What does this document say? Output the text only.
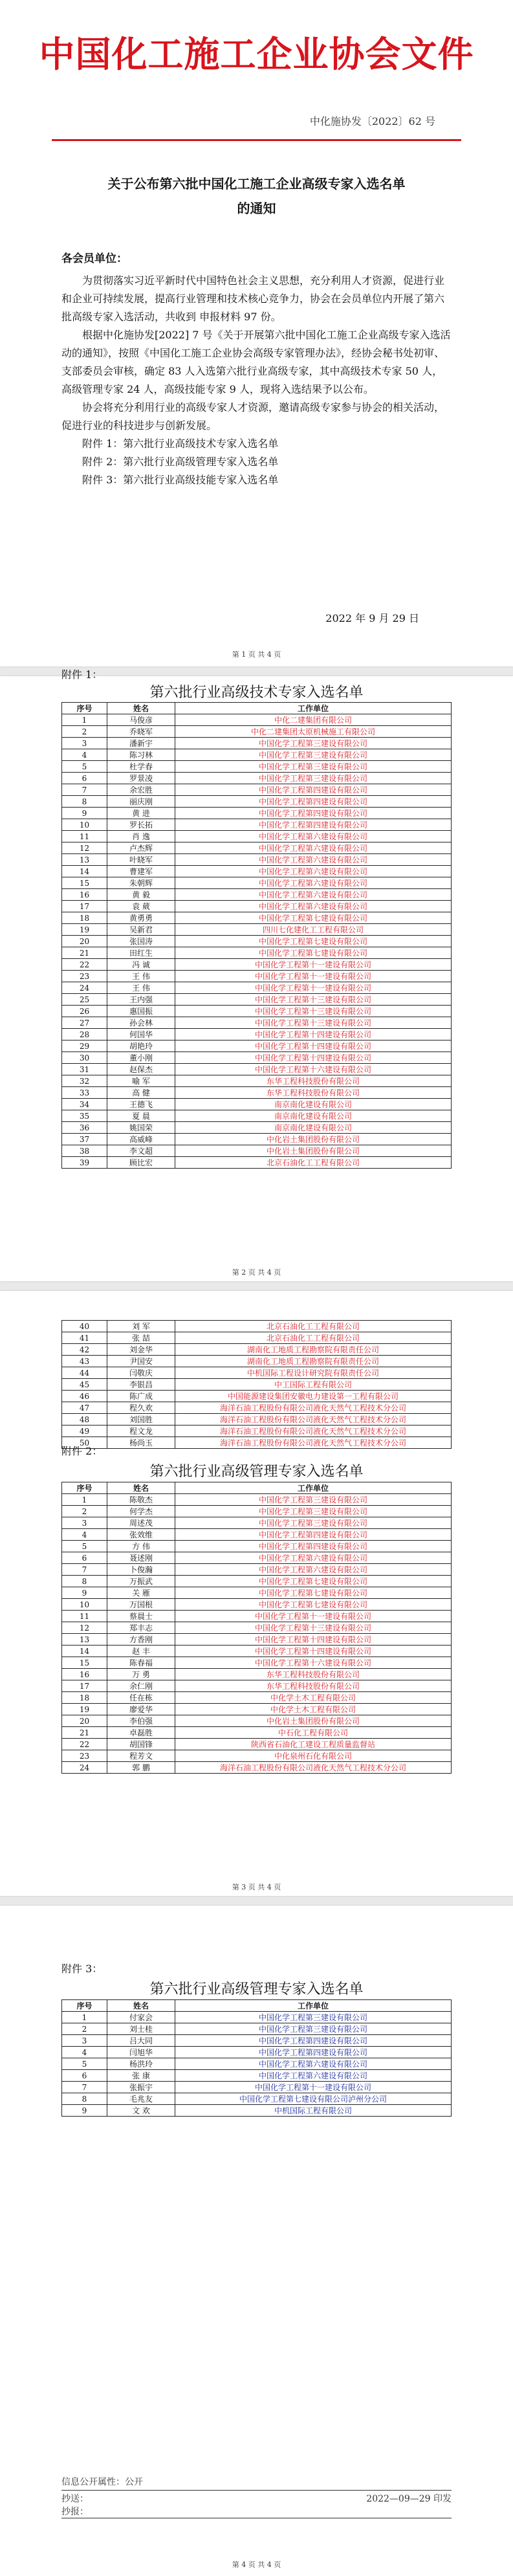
中国化工施工企业协会文件
中化施协发〔2022〕62 号
关于公布第六批中国化工施工企业高级专家入选名单
的通知
各会员单位：

为贯彻落实习近平新时代中国特色社会主义思想，充分利用人才资源，促进行业和企业可持续发展，提高行业管理和技术核心竞争力，协会在会员单位内开展了第六批高级专家入选活动，共收到 申报材料 97 份。

根据中化施协发[2022] 7 号《关于开展第六批中国化工施工企业高级专家入选活动的通知》，按照《中国化工施工企业协会高级专家管理办法》，经协会秘书处初审、支部委员会审核，确定 83 人入选第六批行业高级专家，其中高级技术专家 50 人，高级管理专家 24 人，高级技能专家 9 人，现将入选结果予以公布。

协会将充分利用行业的高级专家人才资源，邀请高级专家参与协会的相关活动，促进行业的科技进步与创新发展。

附件 1：第六批行业高级技术专家入选名单

附件 2：第六批行业高级管理专家入选名单

附件 3：第六批行业高级技能专家入选名单

2022 年 9 月 29 日
第 1 页 共 4 页
附件 1：
第六批行业高级技术专家入选名单
序号	姓名	工作单位
1	马俊彦	中化二建集团有限公司
2	乔晓军	中化二建集团太原机械施工有限公司
3	潘新宇	中国化学工程第三建设有限公司
4	陈习林	中国化学工程第三建设有限公司
5	杜学春	中国化学工程第三建设有限公司
6	罗景凌	中国化学工程第三建设有限公司
7	余宏胜	中国化学工程第四建设有限公司
8	丽庆刚	中国化学工程第四建设有限公司
9	黄 进	中国化学工程第四建设有限公司
10	罗长拓	中国化学工程第四建设有限公司
11	肖 逸	中国化学工程第六建设有限公司
12	卢杰辉	中国化学工程第六建设有限公司
13	叶晓军	中国化学工程第六建设有限公司
14	曹建军	中国化学工程第六建设有限公司
15	朱朝辉	中国化学工程第六建设有限公司
16	黄 毅	中国化学工程第六建设有限公司
17	袁 葳	中国化学工程第六建设有限公司
18	黄勇勇	中国化学工程第七建设有限公司
19	吴新君	四川七化建化工工程有限公司
20	张国涛	中国化学工程第七建设有限公司
21	田红生	中国化学工程第七建设有限公司
22	冯 诚	中国化学工程第十一建设有限公司
23	王 伟	中国化学工程第十一建设有限公司
24	王 伟	中国化学工程第十一建设有限公司
25	王内强	中国化学工程第十三建设有限公司
26	惠国振	中国化学工程第十三建设有限公司
27	孙会林	中国化学工程第十三建设有限公司
28	何国华	中国化学工程第十四建设有限公司
29	胡艳玲	中国化学工程第十四建设有限公司
30	董小刚	中国化学工程第十四建设有限公司
31	赵保杰	中国化学工程第十六建设有限公司
32	喻 军	东华工程科技股份有限公司
33	高 健	东华工程科技股份有限公司
34	王德飞	南京南化建设有限公司
35	夏 晨	南京南化建设有限公司
36	姚国荣	南京南化建设有限公司
37	高威峰	中化岩土集团股份有限公司
38	李文超	中化岩土集团股份有限公司
39	顾比宏	北京石油化工工程有限公司
第 2 页 共 4 页
40	刘 军	北京石油化工工程有限公司
41	张 喆	北京石油化工工程有限公司
42	刘金华	湖南化工地质工程勘察院有限责任公司
43	尹国安	湖南化工地质工程勘察院有限责任公司
44	闫敬庆	中机国际工程设计研究院有限责任公司
45	李银昌	中工国际工程有限公司
46	陈广成	中国能源建设集团安徽电力建设第一工程有限公司
47	程久欢	海洋石油工程股份有限公司液化天然气工程技术分公司
48	刘国胜	海洋石油工程股份有限公司液化天然气工程技术分公司
49	程文龙	海洋石油工程股份有限公司液化天然气工程技术分公司
50	杨尚玉	海洋石油工程股份有限公司液化天然气工程技术分公司
附件 2：
第六批行业高级管理专家入选名单
序号	姓名	工作单位
1	陈敬杰	中国化学工程第三建设有限公司
2	何学杰	中国化学工程第三建设有限公司
3	周述茂	中国化学工程第三建设有限公司
4	张效维	中国化学工程第四建设有限公司
5	方 伟	中国化学工程第四建设有限公司
6	聂述刚	中国化学工程第六建设有限公司
7	卜俊瀚	中国化学工程第六建设有限公司
8	万振武	中国化学工程第七建设有限公司
9	关 雁	中国化学工程第七建设有限公司
10	万国根	中国化学工程第七建设有限公司
11	蔡晨士	中国化学工程第十一建设有限公司
12	郑丰志	中国化学工程第十三建设有限公司
13	方香刚	中国化学工程第十四建设有限公司
14	赵 丰	中国化学工程第十四建设有限公司
15	陈春福	中国化学工程第十六建设有限公司
16	万 勇	东华工程科技股份有限公司
17	余仁刚	东华工程科技股份有限公司
18	任在栋	中化学土木工程有限公司
19	廖爱华	中化学土木工程有限公司
20	李伯强	中化岩土集团股份有限公司
21	卓磊胜	中石化工程有限公司
22	胡国锋	陕西省石油化工建设工程质量监督站
23	程芳文	中化泉州石化有限公司
24	郭 鹏	海洋石油工程股份有限公司液化天然气工程技术分公司
第 3 页 共 4 页
附件 3：
第六批行业高级管理专家入选名单
序号	姓名	工作单位
1	付家会	中国化学工程第三建设有限公司
2	刘士桂	中国化学工程第三建设有限公司
3	吕大同	中国化学工程第四建设有限公司
4	闫旭华	中国化学工程第四建设有限公司
5	杨洪玲	中国化学工程第六建设有限公司
6	张 康	中国化学工程第六建设有限公司
7	张振宇	中国化学工程第十一建设有限公司
8	毛兆友	中国化学工程第七建设有限公司泸州分公司
9	文 欢	中机国际工程有限公司
信息公开属性：公开
抄送：	2022—09—29 印发
抄报：
第 4 页 共 4 页
